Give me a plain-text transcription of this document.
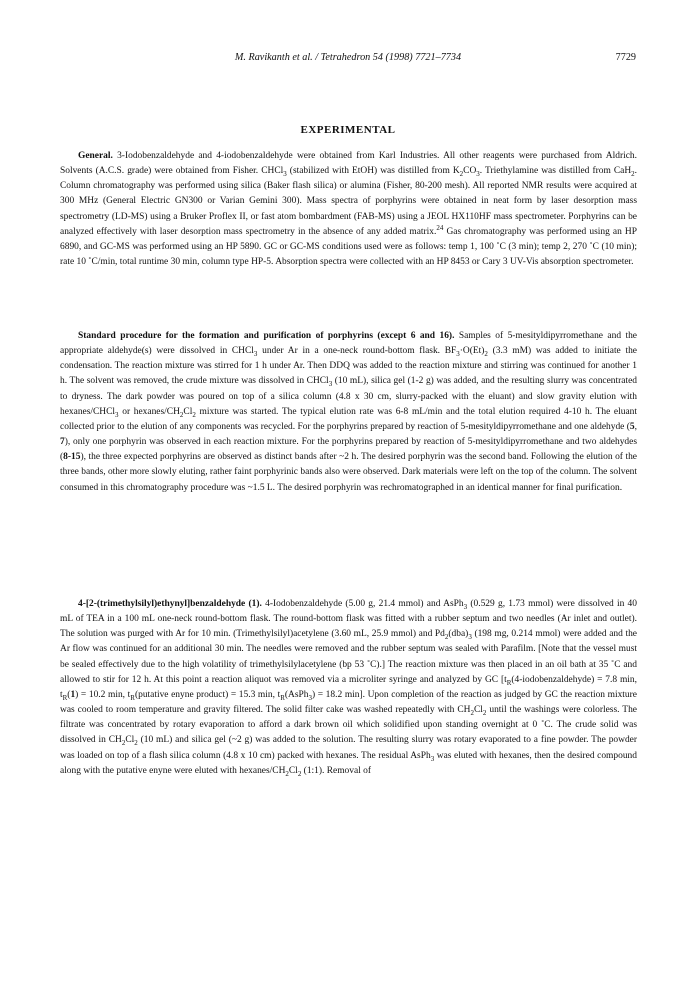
M. Ravikanth et al. / Tetrahedron 54 (1998) 7721–7734	7729
EXPERIMENTAL

General. 3-Iodobenzaldehyde and 4-iodobenzaldehyde were obtained from Karl Industries. All other reagents were purchased from Aldrich. Solvents (A.C.S. grade) were obtained from Fisher. CHCl$_3$ (stabilized with EtOH) was distilled from $K_2CO_3$. Triethylamine was distilled from CaH$_2$. Column chromatography was performed using silica (Baker flash silica) or alumina (Fisher, 80-200 mesh). All reported NMR results were acquired at 300 MHz (General Electric GN300 or Varian Gemini 300). Mass spectra of porphyrins were obtained in neat form by laser desorption mass spectrometry (LD-MS) using a Bruker Proflex II, or fast atom bombardment (FAB-MS) using a JEOL HX110HF mass spectrometer. Porphyrins can be analyzed effectively with laser desorption mass spectrometry in the absence of any added matrix.$^{24}$ Gas chromatography was performed using an HP 6890, and GC-MS was performed using an HP 5890. GC or GC-MS conditions used were as follows: temp 1, 100 ˚C (3 min); temp 2, 270 ˚C (10 min); rate 10 ˚C/min, total runtime 30 min, column type HP-5. Absorption spectra were collected with an HP 8453 or Cary 3 UV-Vis absorption spectrometer.

Standard procedure for the formation and purification of porphyrins (except 6 and 16). Samples of 5-mesityldipyrromethane and the appropriate aldehyde(s) were dissolved in CHCl$_3$ under Ar in a one-neck round-bottom flask. $BF_3\cdot O(Et)_2$ (3.3 mM) was added to initiate the condensation. The reaction mixture was stirred for 1 h under Ar. Then DDQ was added to the reaction mixture and stirring was continued for another 1 h. The solvent was removed, the crude mixture was dissolved in CHCl$_3$ (10 mL), silica gel (1-2 g) was added, and the resulting slurry was concentrated to dryness. The dark powder was poured on top of a silica column (4.8 x 30 cm, slurry-packed with the eluant) and slow gravity elution with hexanes/CHCl$_3$ or hexanes/$CH_2Cl_2$ mixture was started. The typical elution rate was 6-8 mL/min and the total elution required 4-10 h. The eluant collected prior to the elution of any components was recycled. For the porphyrins prepared by reaction of 5-mesityldipyrromethane and one aldehyde (5, 7), only one porphyrin was observed in each reaction mixture. For the porphyrins prepared by reaction of 5-mesityldipyrromethane and two aldehydes (8-15), the three expected porphyrins are observed as distinct bands after ~2 h. The desired porphyrin was the second band. Following the elution of the three bands, other more slowly eluting, rather faint porphyrinic bands also were observed. Dark materials were left on the top of the column. The solvent consumed in this chromatography procedure was ~1.5 L. The desired porphyrin was rechromatographed in an identical manner for final purification.

4-[2-(trimethylsilyl)ethynyl]benzaldehyde (1). 4-Iodobenzaldehyde (5.00 g, 21.4 mmol) and AsPh$_3$ (0.529 g, 1.73 mmol) were dissolved in 40 mL of TEA in a 100 mL one-neck round-bottom flask. The round-bottom flask was fitted with a rubber septum and two needles (Ar inlet and outlet). The solution was purged with Ar for 10 min. (Trimethylsilyl)acetylene (3.60 mL, 25.9 mmol) and $Pd_2(dba)_3$ (198 mg, 0.214 mmol) were added and the Ar flow was continued for an additional 30 min. The needles were removed and the rubber septum was sealed with Parafilm. [Note that the vessel must be sealed effectively due to the high volatility of trimethylsilylacetylene (bp 53 ˚C).] The reaction mixture was then placed in an oil bath at 35 ˚C and allowed to stir for 12 h. At this point a reaction aliquot was removed via a microliter syringe and analyzed by GC [$t_R(4-iodobenzaldehyde) = 7.8$ min, $t_R(1) = 10.2$ min, $t_R(putative$ enyne product) = 15.3 min, $t_R(AsPh_3) = 18.2$ min]. Upon completion of the reaction as judged by GC the reaction mixture was cooled to room temperature and gravity filtered. The solid filter cake was washed repeatedly with $CH_2Cl_2$ until the washings were colorless. The filtrate was concentrated by rotary evaporation to afford a dark brown oil which solidified upon standing overnight at 0 ˚C. The crude solid was dissolved in $CH_2Cl_2$ (10 mL) and silica gel (~2 g) was added to the solution. The resulting slurry was rotary evaporated to a fine powder. The powder was loaded on top of a flash silica column (4.8 x 10 cm) packed with hexanes. The residual AsPh$_3$ was eluted with hexanes, then the desired compound along with the putative enyne were eluted with hexanes/$CH_2Cl_2$ (1:1). Removal of
